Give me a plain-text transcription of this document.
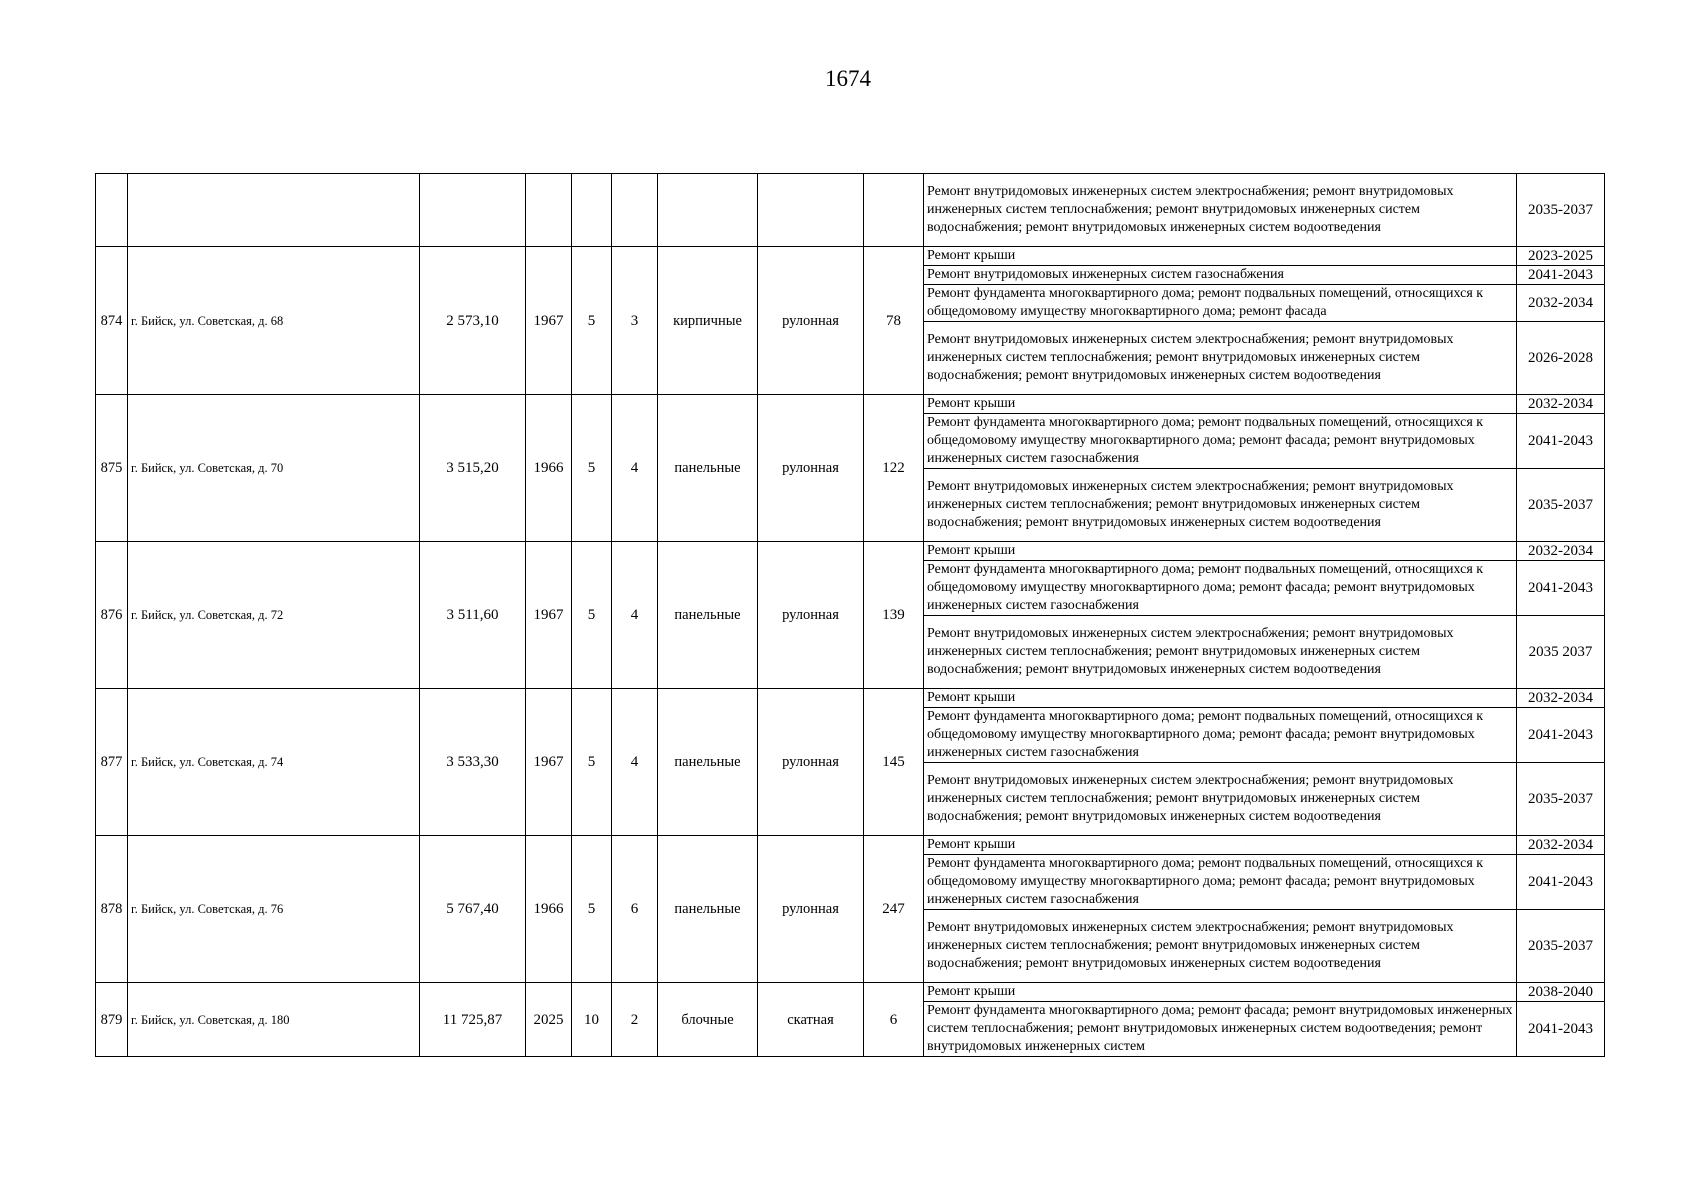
1674
									Ремонт внутридомовых инженерных систем электроснабжения; ремонт внутридомовых инженерных систем теплоснабжения; ремонт внутридомовых инженерных систем водоснабжения; ремонт внутридомовых инженерных систем водоотведения	2035-2037
874	г. Бийск, ул. Советская, д. 68	2 573,10	1967	5	3	кирпичные	рулонная	78	Ремонт крыши	2023-2025
									Ремонт внутридомовых инженерных систем газоснабжения	2041-2043
									Ремонт фундамента многоквартирного дома; ремонт подвальных помещений, относящихся к общедомовому имуществу многоквартирного дома; ремонт фасада	2032-2034
									Ремонт внутридомовых инженерных систем электроснабжения; ремонт внутридомовых инженерных систем теплоснабжения; ремонт внутридомовых инженерных систем водоснабжения; ремонт внутридомовых инженерных систем водоотведения	2026-2028
875	г. Бийск, ул. Советская, д. 70	3 515,20	1966	5	4	панельные	рулонная	122	Ремонт крыши	2032-2034
									Ремонт фундамента многоквартирного дома; ремонт подвальных помещений, относящихся к общедомовому имуществу многоквартирного дома; ремонт фасада; ремонт внутридомовых инженерных систем газоснабжения	2041-2043
									Ремонт внутридомовых инженерных систем электроснабжения; ремонт внутридомовых инженерных систем теплоснабжения; ремонт внутридомовых инженерных систем водоснабжения; ремонт внутридомовых инженерных систем водоотведения	2035-2037
876	г. Бийск, ул. Советская, д. 72	3 511,60	1967	5	4	панельные	рулонная	139	Ремонт крыши	2032-2034
									Ремонт фундамента многоквартирного дома; ремонт подвальных помещений, относящихся к общедомовому имуществу многоквартирного дома; ремонт фасада; ремонт внутридомовых инженерных систем газоснабжения	2041-2043
									Ремонт внутридомовых инженерных систем электроснабжения; ремонт внутридомовых инженерных систем теплоснабжения; ремонт внутридомовых инженерных систем водоснабжения; ремонт внутридомовых инженерных систем водоотведения	2035 2037
877	г. Бийск, ул. Советская, д. 74	3 533,30	1967	5	4	панельные	рулонная	145	Ремонт крыши	2032-2034
									Ремонт фундамента многоквартирного дома; ремонт подвальных помещений, относящихся к общедомовому имуществу многоквартирного дома; ремонт фасада; ремонт внутридомовых инженерных систем газоснабжения	2041-2043
									Ремонт внутридомовых инженерных систем электроснабжения; ремонт внутридомовых инженерных систем теплоснабжения; ремонт внутридомовых инженерных систем водоснабжения; ремонт внутридомовых инженерных систем водоотведения	2035-2037
878	г. Бийск, ул. Советская, д. 76	5 767,40	1966	5	6	панельные	рулонная	247	Ремонт крыши	2032-2034
									Ремонт фундамента многоквартирного дома; ремонт подвальных помещений, относящихся к общедомовому имуществу многоквартирного дома; ремонт фасада; ремонт внутридомовых инженерных систем газоснабжения	2041-2043
									Ремонт внутридомовых инженерных систем электроснабжения; ремонт внутридомовых инженерных систем теплоснабжения; ремонт внутридомовых инженерных систем водоснабжения; ремонт внутридомовых инженерных систем водоотведения	2035-2037
879	г. Бийск, ул. Советская, д. 180	11 725,87	2025	10	2	блочные	скатная	6	Ремонт крыши	2038-2040
									Ремонт фундамента многоквартирного дома; ремонт фасада; ремонт внутридомовых инженерных систем теплоснабжения; ремонт внутридомовых инженерных систем водоотведения; ремонт внутридомовых инженерных систем	2041-2043
